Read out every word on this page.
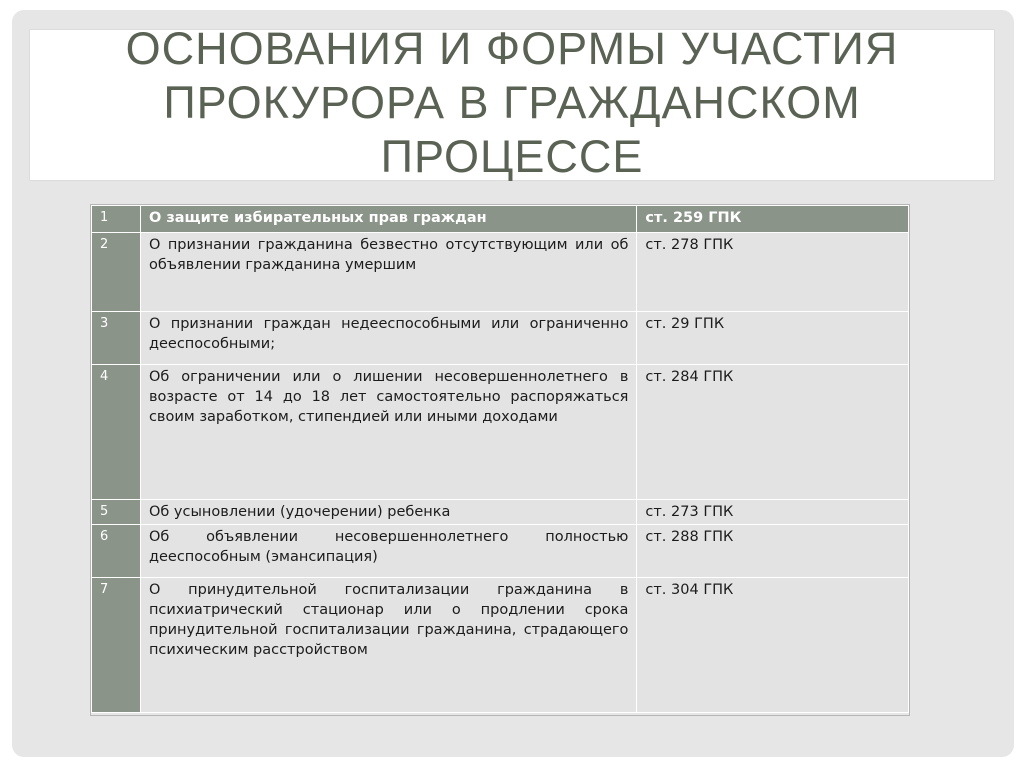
ОСНОВАНИЯ И ФОРМЫ УЧАСТИЯ
ПРОКУРОРА В ГРАЖДАНСКОМ
ПРОЦЕССЕ
1	О защите избирательных прав граждан	ст. 259 ГПК
2	О признании гражданина безвестно отсутствующим или об объявлении гражданина умершим	ст. 278 ГПК
3	О признании граждан недееспособными или ограниченно дееспособными;	ст. 29 ГПК
4	Об ограничении или о лишении несовершеннолетнего в возрасте от 14 до 18 лет самостоятельно распоряжаться своим заработком, стипендией или иными доходами	ст. 284 ГПК
5	Об усыновлении (удочерении) ребенка	ст. 273 ГПК
6	Об объявлении несовершеннолетнего полностью дееспособным (эмансипация)	ст. 288 ГПК
7	О принудительной госпитализации гражданина в психиатрический стационар или о продлении срока принудительной госпитализации гражданина, страдающего психическим расстройством	ст. 304 ГПК
